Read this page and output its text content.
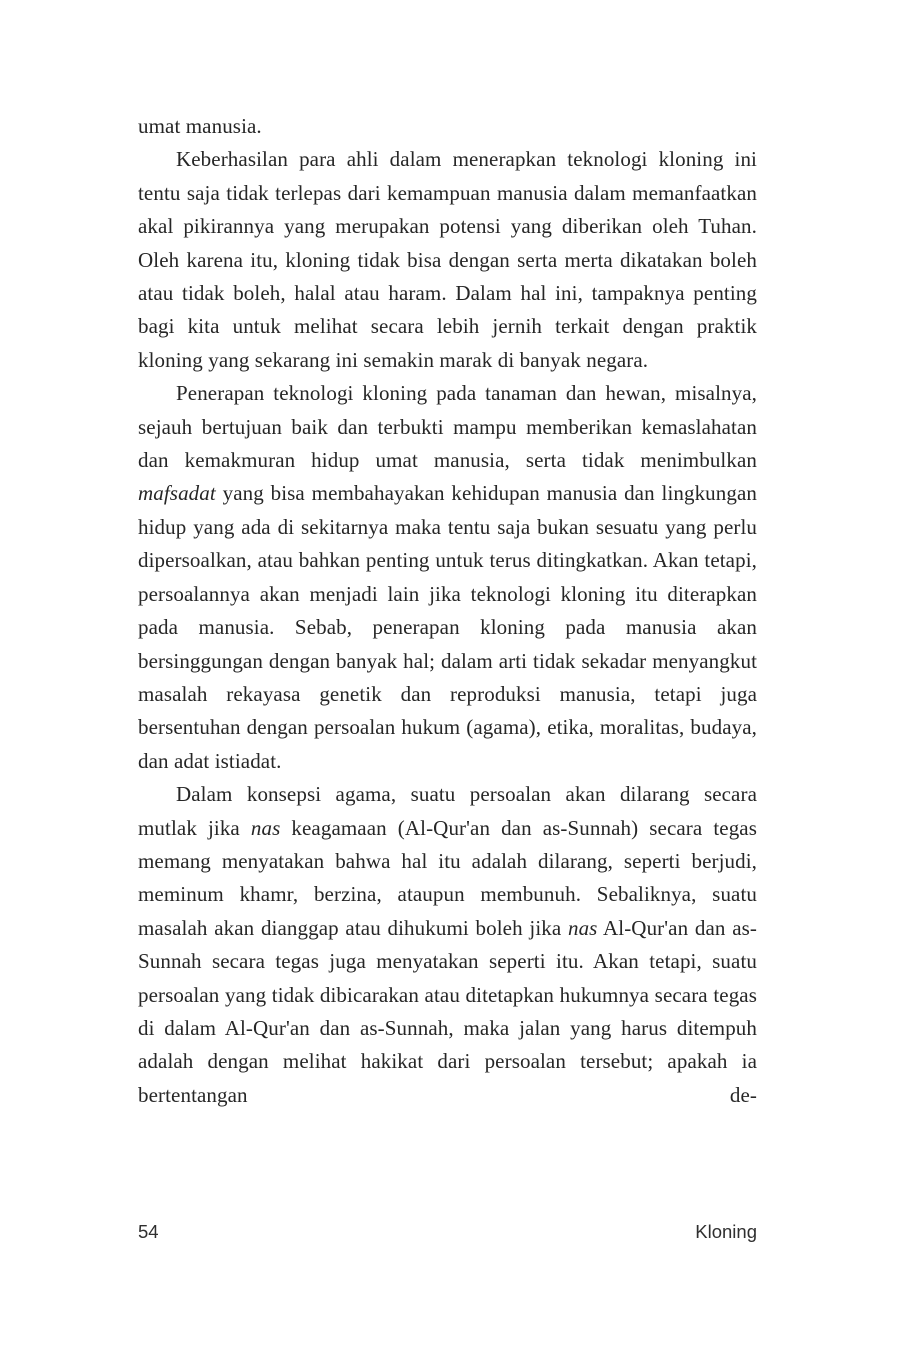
umat manusia.

Keberhasilan para ahli dalam menerapkan teknologi kloning ini tentu saja tidak terlepas dari kemampuan manusia dalam memanfaatkan akal pikirannya yang merupakan potensi yang diberikan oleh Tuhan. Oleh karena itu, kloning tidak bisa dengan serta merta dikatakan boleh atau tidak boleh, halal atau haram. Dalam hal ini, tampaknya penting bagi kita untuk melihat secara lebih jernih terkait dengan praktik kloning yang sekarang ini semakin marak di banyak negara.

Penerapan teknologi kloning pada tanaman dan hewan, misalnya, sejauh bertujuan baik dan terbukti mampu memberikan kemaslahatan dan kemakmuran hidup umat manusia, serta tidak menimbulkan mafsadat yang bisa membahayakan kehidupan manusia dan lingkungan hidup yang ada di sekitarnya maka tentu saja bukan sesuatu yang perlu dipersoalkan, atau bahkan penting untuk terus ditingkatkan. Akan tetapi, persoalannya akan menjadi lain jika teknologi kloning itu diterapkan pada manusia. Sebab, penerapan kloning pada manusia akan bersinggungan dengan banyak hal; dalam arti tidak sekadar menyangkut masalah rekayasa genetik dan reproduksi manusia, tetapi juga bersentuhan dengan persoalan hukum (agama), etika, moralitas, budaya, dan adat istiadat.

Dalam konsepsi agama, suatu persoalan akan dilarang secara mutlak jika nas keagamaan (Al-Qur'an dan as-Sunnah) secara tegas memang menyatakan bahwa hal itu adalah dilarang, seperti berjudi, meminum khamr, berzina, ataupun membunuh. Sebaliknya, suatu masalah akan dianggap atau dihukumi boleh jika nas Al-Qur'an dan as-Sunnah secara tegas juga menyatakan seperti itu. Akan tetapi, suatu persoalan yang tidak dibicarakan atau ditetapkan hukumnya secara tegas di dalam Al-Qur'an dan as-Sunnah, maka jalan yang harus ditempuh adalah dengan melihat hakikat dari persoalan tersebut; apakah ia bertentangan de-

54	Kloning
